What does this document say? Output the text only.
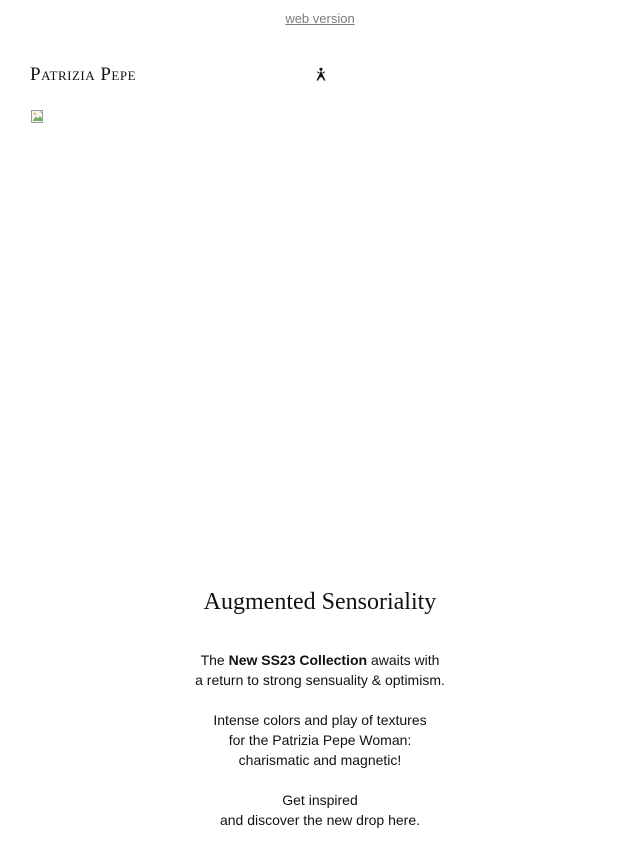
web version
Patrizia Pepe
Augmented Sensoriality

The New SS23 Collection awaits with
a return to strong sensuality & optimism.

Intense colors and play of textures
for the Patrizia Pepe Woman:
charismatic and magnetic!

Get inspired
and discover the new drop here.
